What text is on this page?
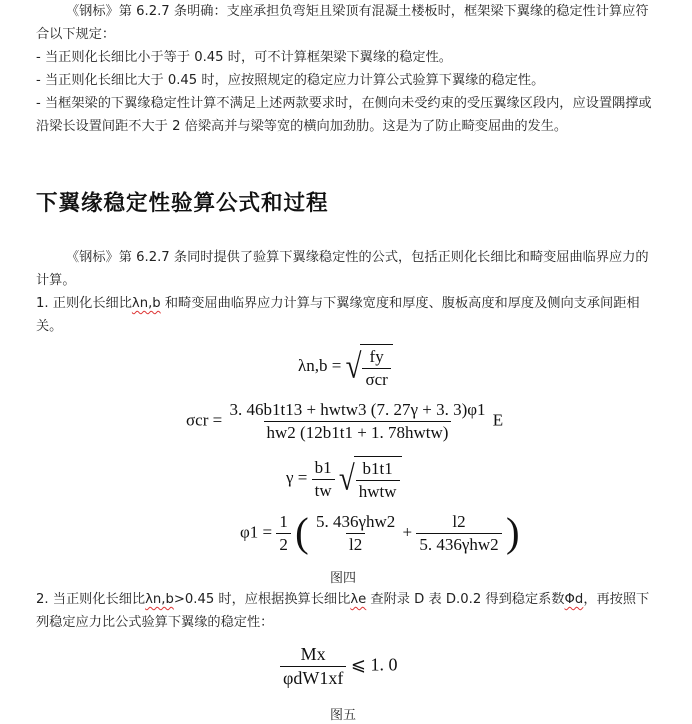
《钢标》第 6.2.7 条明确：支座承担负弯矩且梁顶有混凝土楼板时，框架梁下翼缘的稳定性计算应符合以下规定：

- 当正则化长细比小于等于 0.45 时，可不计算框架梁下翼缘的稳定性。

- 当正则化长细比大于 0.45 时，应按照规定的稳定应力计算公式验算下翼缘的稳定性。

- 当框架梁的下翼缘稳定性计算不满足上述两款要求时，在侧向未受约束的受压翼缘区段内，应设置隅撑或沿梁长设置间距不大于 2 倍梁高并与梁等宽的横向加劲肋。这是为了防止畸变屈曲的发生。

下翼缘稳定性验算公式和过程

《钢标》第 6.2.7 条同时提供了验算下翼缘稳定性的公式，包括正则化长细比和畸变屈曲临界应力的计算。

1. 正则化长细比λn,b 和畸变屈曲临界应力计算与下翼缘宽度和厚度、腹板高度和厚度及侧向支承间距相关。

λn,b = √ $\frac{fy}{\text{σcr}}$
$\sigma cr = \frac{\text{3. 46b1t13 + hwtw3 (7. 27γ + 3. 3)φ1}}{\text{hw2 (12b1t1 + 1. 78hwtw)}}$ E
$\gamma = \frac{b1}{tw}$
√ $\frac{b1t1}{\text{hwtw}}$
$\varphi 1 = \frac{1}{2}$ ( $\frac{\text{5. 436γhw2}}{l2} + \frac{l2}{\text{5. 436γhw2}}$ )
图四

2. 当正则化长细比λn,b>0.45 时，应根据换算长细比λe 查附录 D 表 D.0.2 得到稳定系数Φd，再按照下列稳定应力比公式验算下翼缘的稳定性：

$\frac{Mx}{\text{φdW1xf}}$ ⩽ 1. 0
图五
